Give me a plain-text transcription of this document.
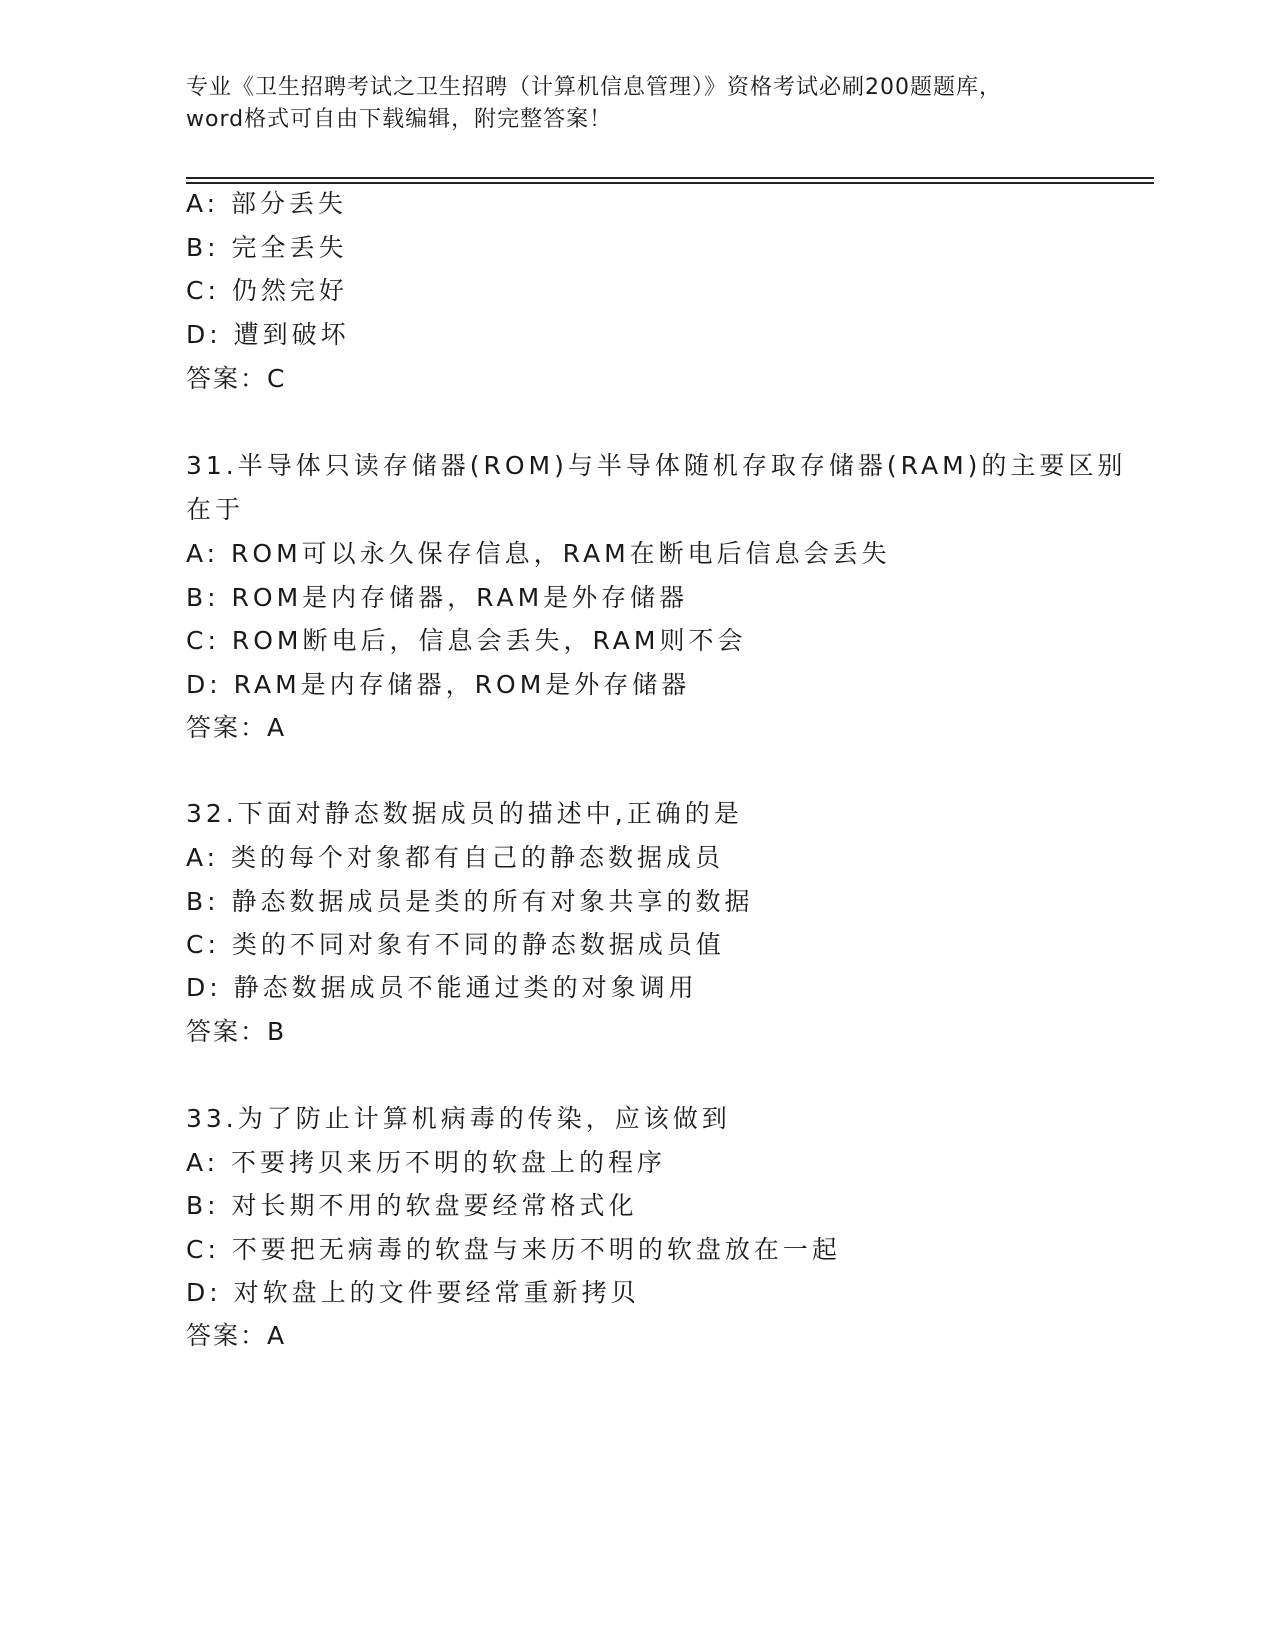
专业《卫生招聘考试之卫生招聘（计算机信息管理）》资格考试必刷200题题库，
word格式可自由下载编辑，附完整答案！
A: 部分丢失
B: 完全丢失
C: 仍然完好
D: 遭到破坏
答案：C
31.半导体只读存储器(ROM)与半导体随机存取存储器(RAM)的主要区别
在于
A: ROM可以永久保存信息，RAM在断电后信息会丢失
B: ROM是内存储器，RAM是外存储器
C: ROM断电后，信息会丢失，RAM则不会
D: RAM是内存储器，ROM是外存储器
答案：A
32.下面对静态数据成员的描述中,正确的是
A: 类的每个对象都有自己的静态数据成员
B: 静态数据成员是类的所有对象共享的数据
C: 类的不同对象有不同的静态数据成员值
D: 静态数据成员不能通过类的对象调用
答案：B
33.为了防止计算机病毒的传染，应该做到
A: 不要拷贝来历不明的软盘上的程序
B: 对长期不用的软盘要经常格式化
C: 不要把无病毒的软盘与来历不明的软盘放在一起
D: 对软盘上的文件要经常重新拷贝
答案：A
